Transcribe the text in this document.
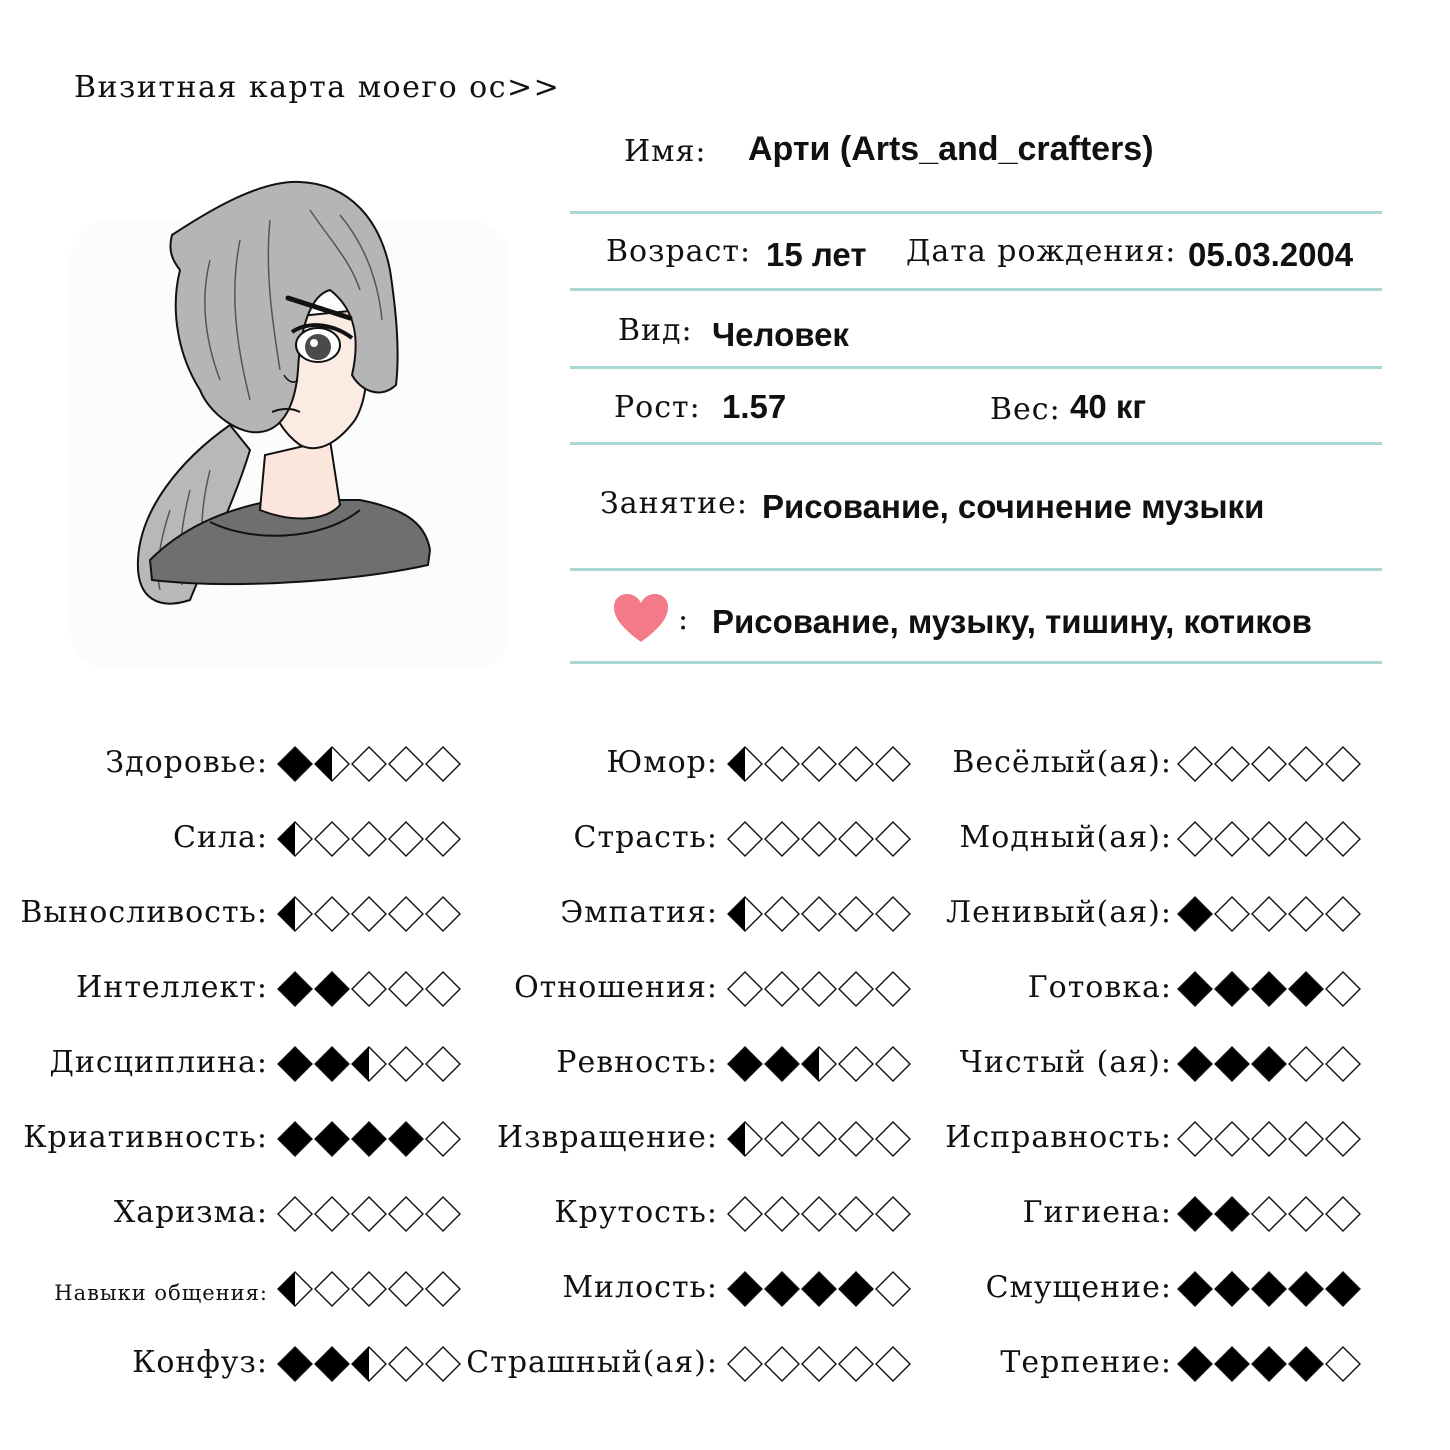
Визитная карта моего ос>>
Имя: Арти (Arts_and_crafters)
Возраст: 15 лет Дата рождения: 05.03.2004
Вид: Человек
Рост: 1.57	Вес: 40 кг
Занятие: Рисование, сочинение музыки
: Рисование, музыку, тишину, котиков
Здоровье:
Сила:
Выносливость:
Интеллект:
Дисциплина:
Криативность:
Харизма:
Навыки общения:
Конфуз:
Юмор:
Страсть:
Эмпатия:
Отношения:
Ревность:
Извращение:
Крутость:
Милость:
Страшный(ая):
Весёлый(ая):
Модный(ая):
Ленивый(ая):
Готовка:
Чистый (ая):
Исправность:
Гигиена:
Смущение:
Терпение:
